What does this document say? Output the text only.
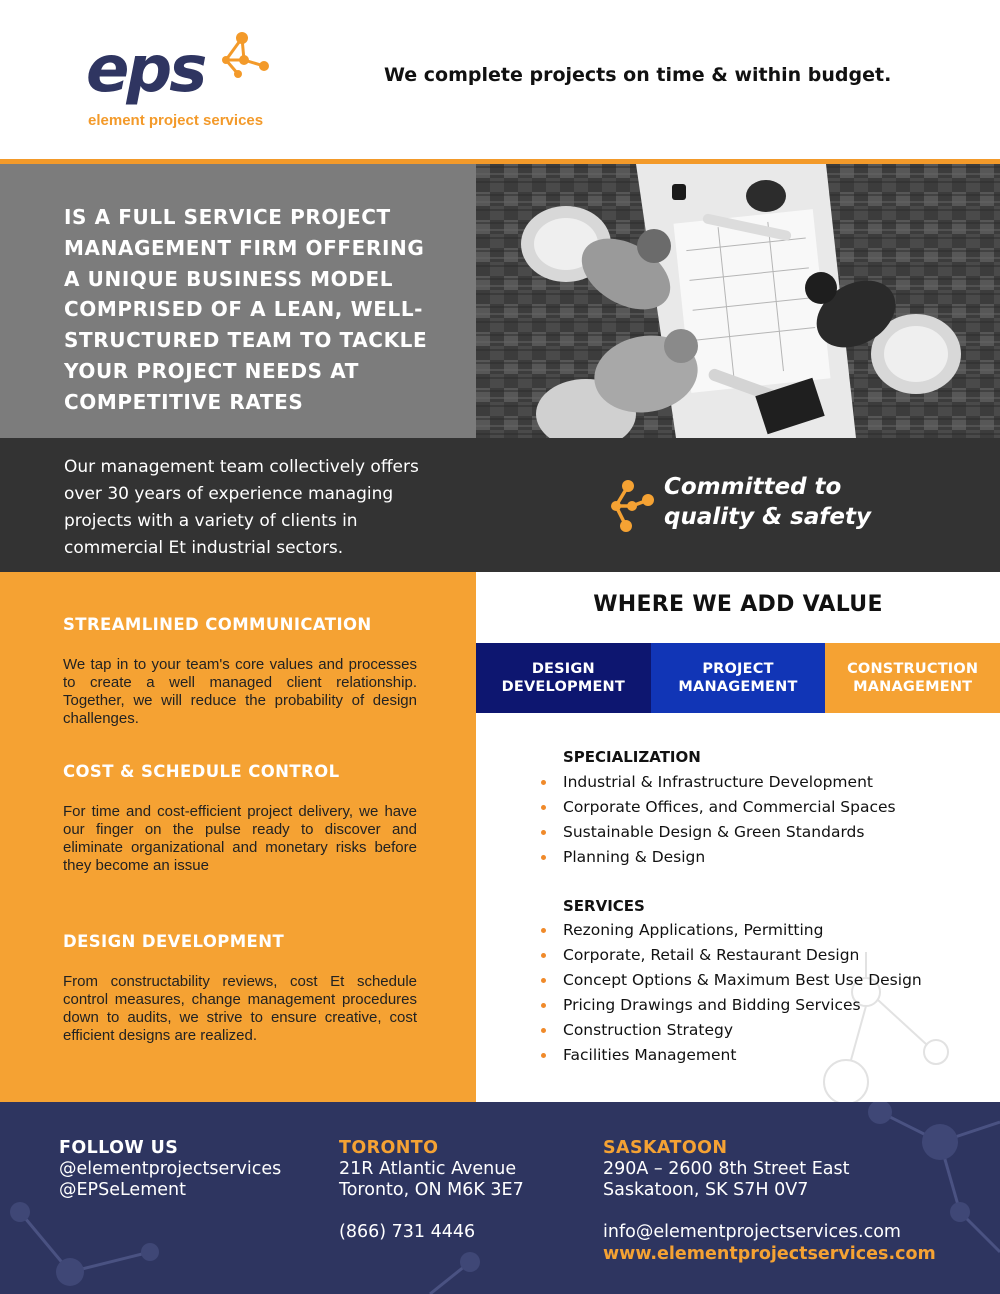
eps
element project services
We complete projects on time & within budget.
IS A FULL SERVICE PROJECT
MANAGEMENT FIRM OFFERING
A UNIQUE BUSINESS MODEL
COMPRISED OF A LEAN, WELL-
STRUCTURED TEAM TO TACKLE
YOUR PROJECT NEEDS AT
COMPETITIVE RATES
Our management team collectively offers
over 30 years of experience managing
projects with a variety of clients in
commercial Et industrial sectors.
Committed to
quality & safety
STREAMLINED COMMUNICATION
We tap in to your team's core values and processes to create a well managed client relationship. Together, we will reduce the probability of design challenges.
COST & SCHEDULE CONTROL
For time and cost-efficient project delivery, we have our finger on the pulse ready to discover and eliminate organizational and monetary risks before they become an issue
DESIGN DEVELOPMENT
From constructability reviews, cost Et schedule control measures, change management procedures down to audits, we strive to ensure creative, cost efficient designs are realized.
WHERE WE ADD VALUE
DESIGN
DEVELOPMENT
PROJECT
MANAGEMENT
CONSTRUCTION
MANAGEMENT
SPECIALIZATION
Industrial & Infrastructure Development
Corporate Offices, and Commercial Spaces
Sustainable Design & Green Standards
Planning & Design
SERVICES
Rezoning Applications, Permitting
Corporate, Retail & Restaurant Design
Concept Options & Maximum Best Use Design
Pricing Drawings and Bidding Services
Construction Strategy
Facilities Management
FOLLOW US
@elementprojectservices
@EPSeLement
TORONTO
21R Atlantic Avenue
Toronto, ON M6K 3E7
(866) 731 4446
SASKATOON
290A – 2600 8th Street East
Saskatoon, SK S7H 0V7
info@elementprojectservices.com
www.elementprojectservices.com
